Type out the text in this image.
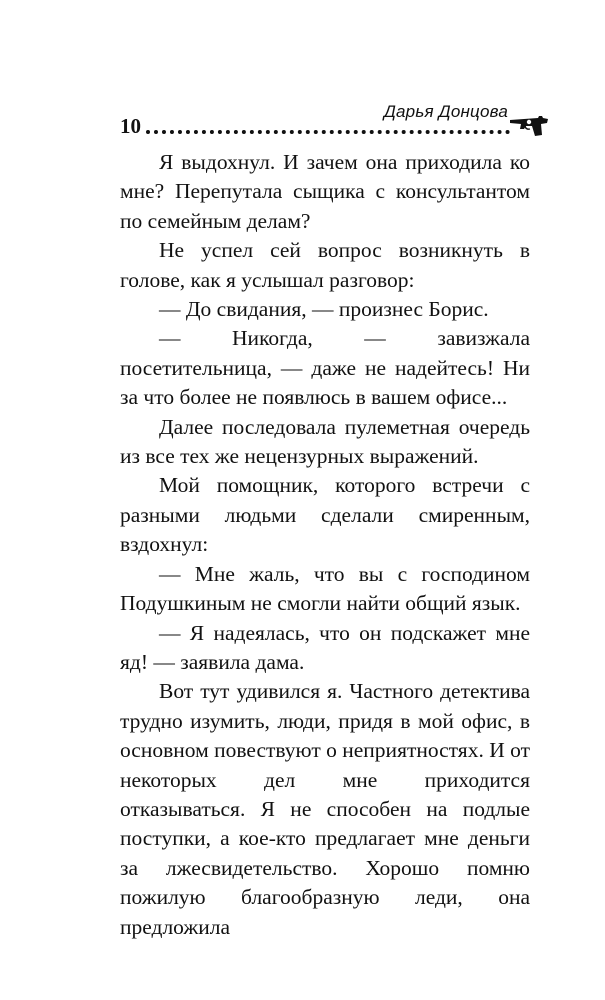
10
Дарья Донцова

Я выдохнул. И зачем она приходила ко мне? Перепутала сыщика с консультантом по семейным делам?

Не успел сей вопрос возникнуть в голове, как я услышал разговор:

— До свидания, — произнес Борис.

— Никогда, — завизжала посетительница, — даже не надейтесь! Ни за что более не появлюсь в вашем офисе...

Далее последовала пулеметная очередь из все тех же нецензурных выражений.

Мой помощник, которого встречи с разными людьми сделали смиренным, вздохнул:

— Мне жаль, что вы с господином Подушкиным не смогли найти общий язык.

— Я надеялась, что он подскажет мне яд! — заявила дама.

Вот тут удивился я. Частного детектива трудно изумить, люди, придя в мой офис, в основном повествуют о неприятностях. И от некоторых дел мне приходится отказываться. Я не способен на подлые поступки, а кое-кто предлагает мне деньги за лжесвидетельство. Хорошо помню пожилую благообразную леди, она предложила
